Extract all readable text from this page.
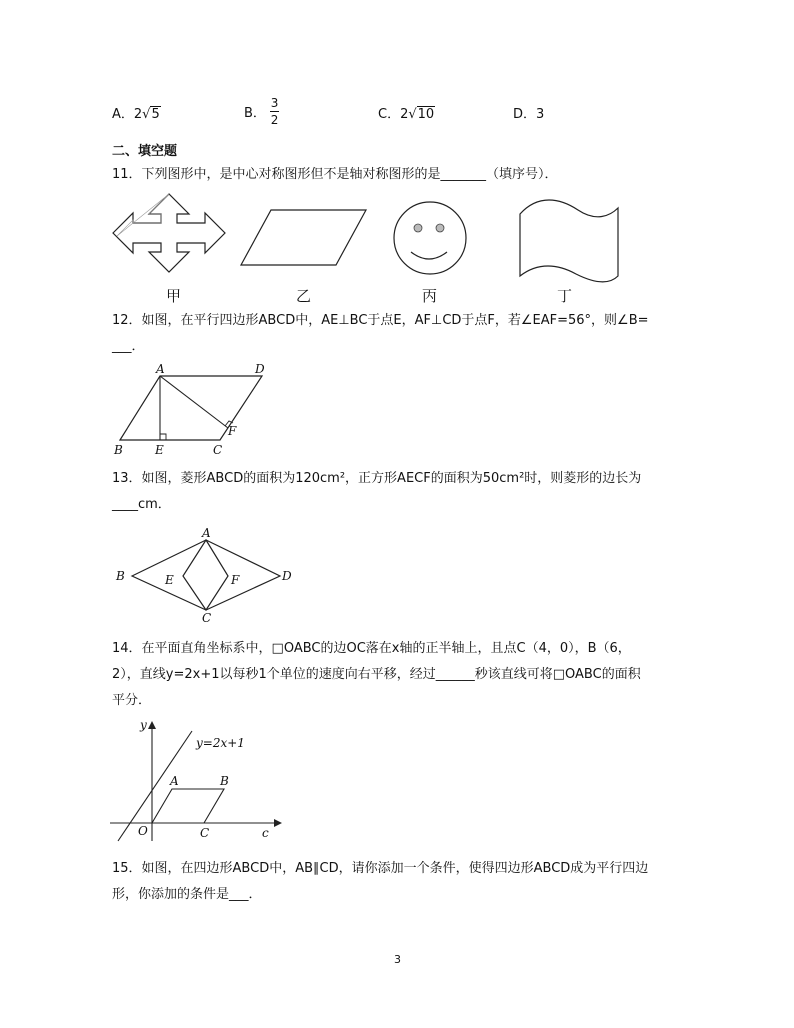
A．2√5	B． $\frac{3}{2}$	C．2√10	D．3
二、填空题
11．下列图形中，是中心对称图形但不是轴对称图形的是_______（填序号）．
甲	乙	丙	丁
12．如图，在平行四边形ABCD中，AE⊥BC于点E，AF⊥CD于点F，若∠EAF=56°，则∠B=
___．
A	D
B	E	C
F
13．如图，菱形ABCD的面积为120cm²，正方形AECF的面积为50cm²时，则菱形的边长为
____cm．
A
B	D
C
E	F
14．在平面直角坐标系中，□OABC的边OC落在x轴的正半轴上，且点C（4，0），B（6，
2），直线y=2x+1以每秒1个单位的速度向右平移，经过______秒该直线可将□OABC的面积
平分．
y
y=2x+1
A	B
O	C	c
15．如图，在四边形ABCD中，AB∥CD，请你添加一个条件，使得四边形ABCD成为平行四边
形，你添加的条件是___．
3
